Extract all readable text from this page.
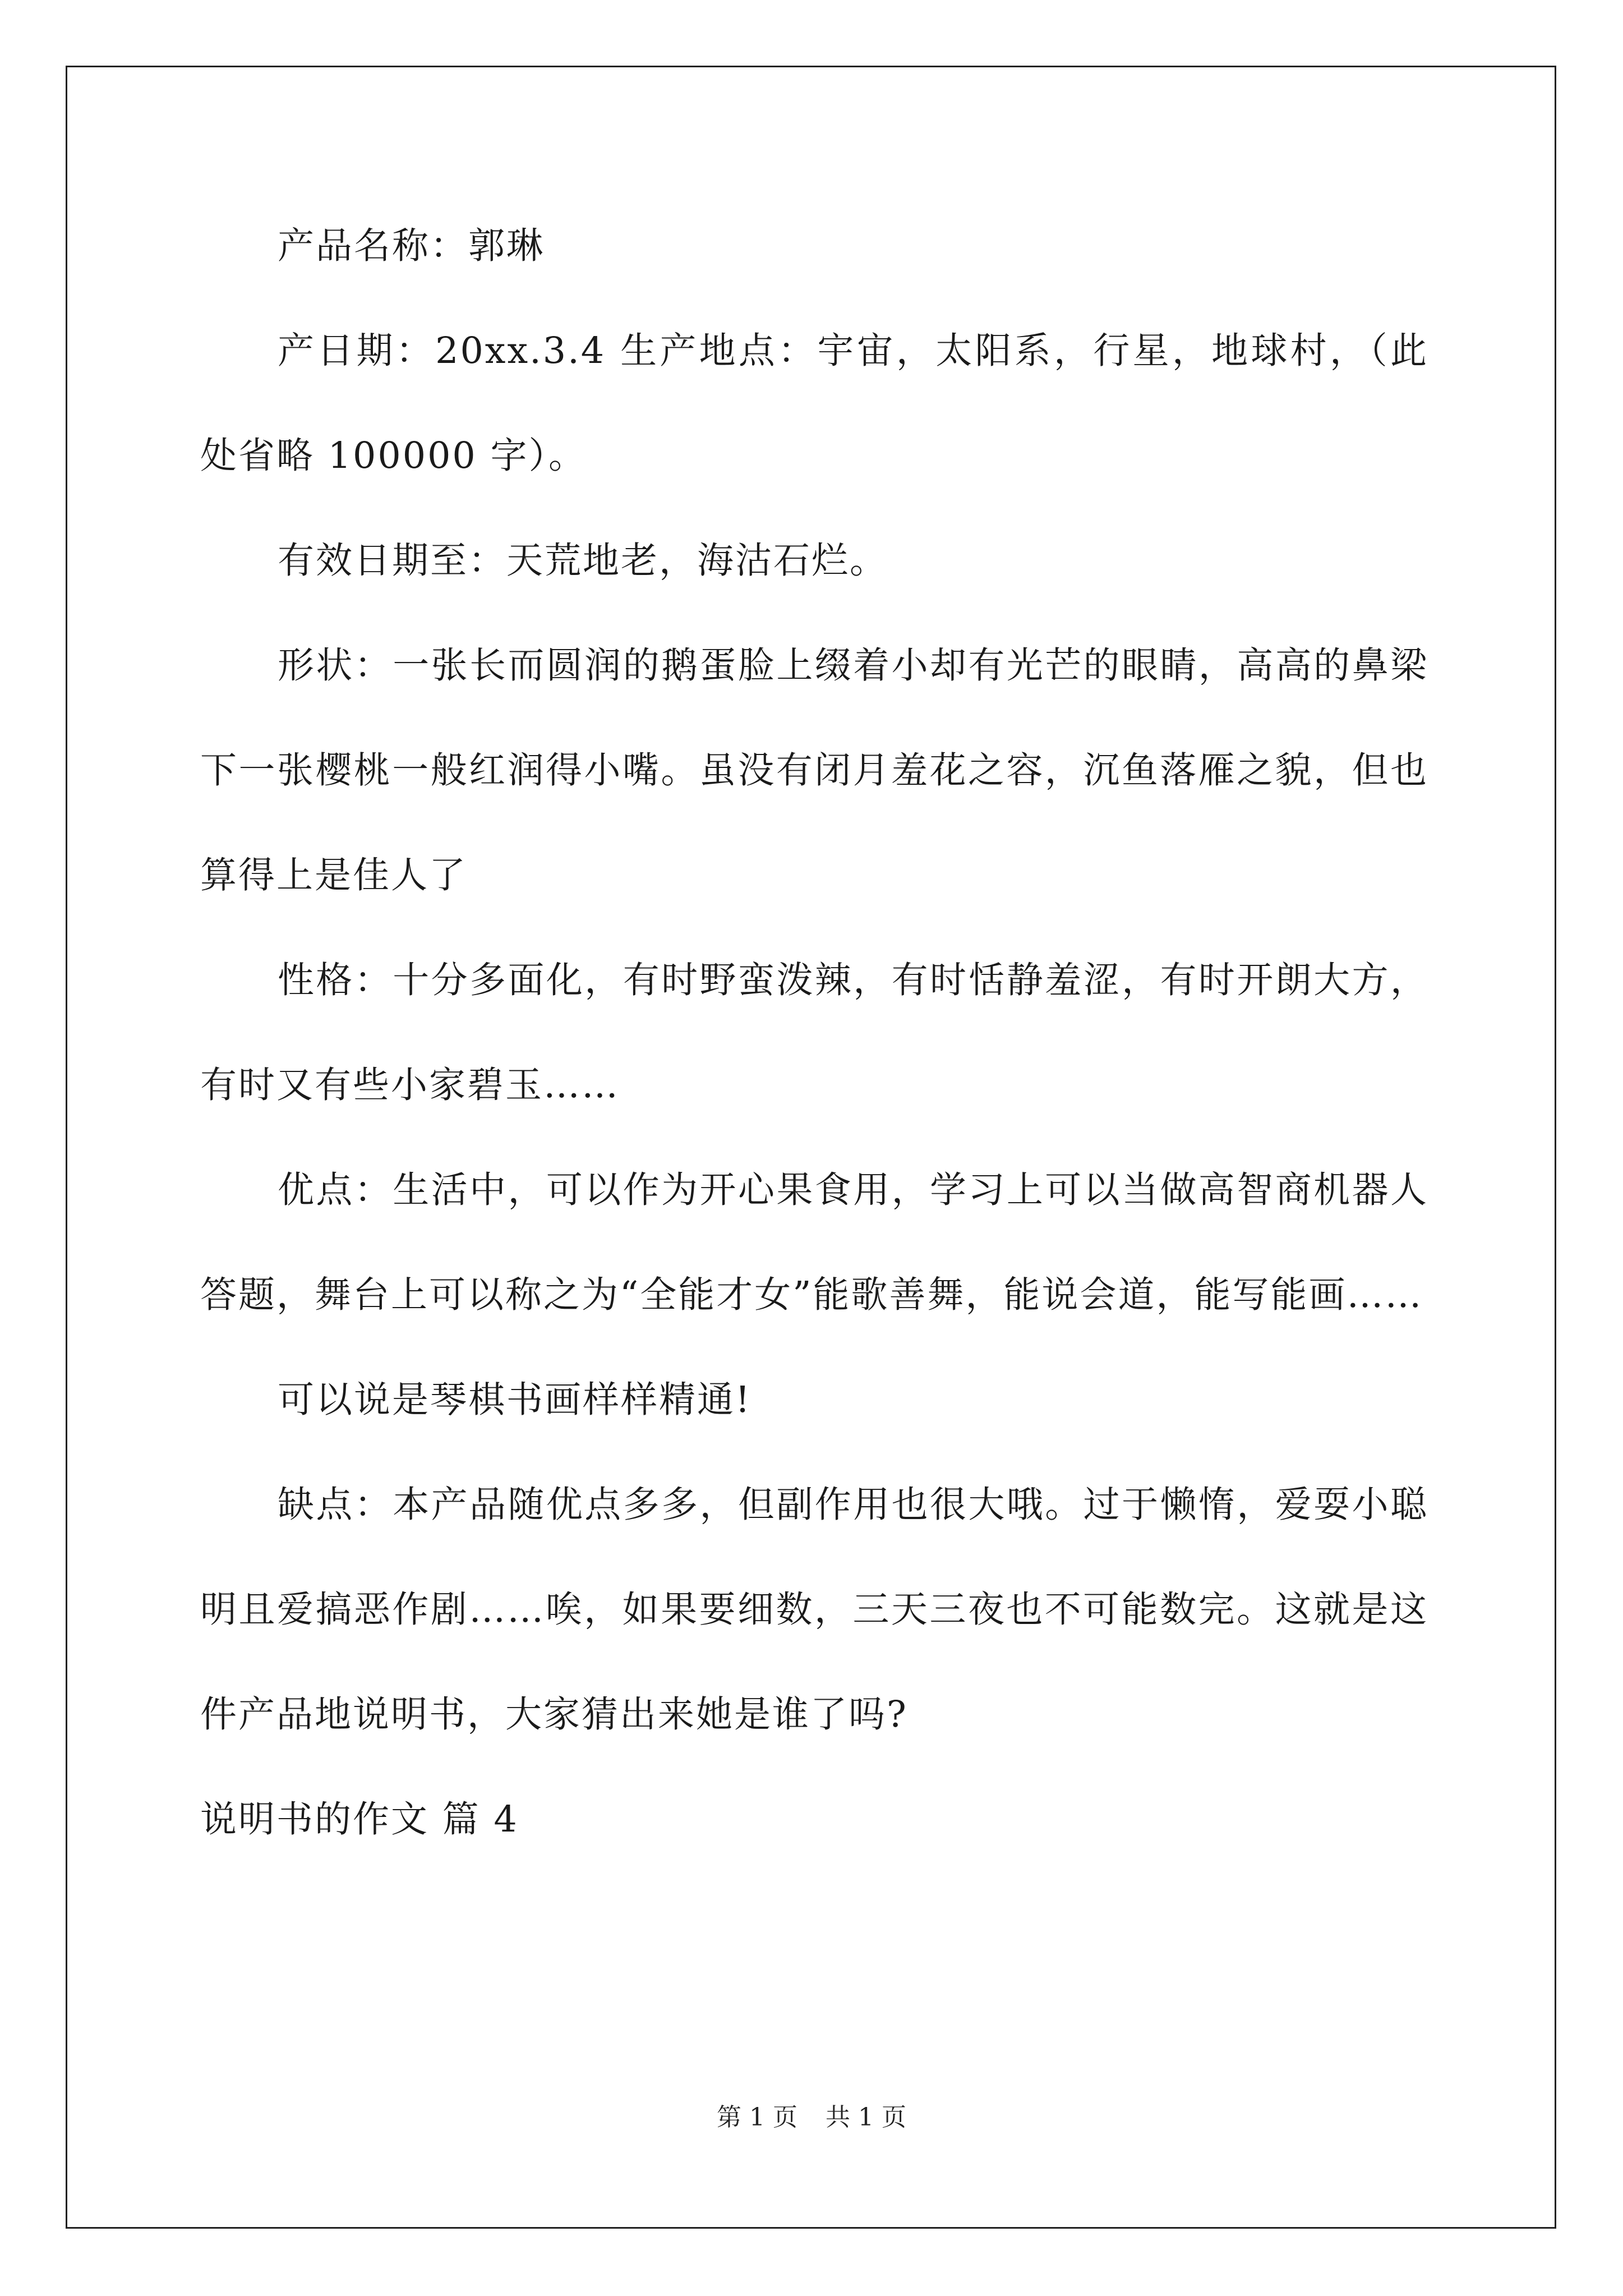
产品名称：郭琳

产日期：20xx.3.4 生产地点：宇宙，太阳系，行星，地球村，（此处省略 100000 字）。

有效日期至：天荒地老，海沽石烂。

形状：一张长而圆润的鹅蛋脸上缀着小却有光芒的眼睛，高高的鼻梁下一张樱桃一般红润得小嘴。虽没有闭月羞花之容，沉鱼落雁之貌，但也算得上是佳人了

性格：十分多面化，有时野蛮泼辣，有时恬静羞涩，有时开朗大方，有时又有些小家碧玉……

优点：生活中，可以作为开心果食用，学习上可以当做高智商机器人答题，舞台上可以称之为“全能才女”能歌善舞，能说会道，能写能画……

可以说是琴棋书画样样精通!

缺点：本产品随优点多多，但副作用也很大哦。过于懒惰，爱耍小聪明且爱搞恶作剧……唉，如果要细数，三天三夜也不可能数完。这就是这件产品地说明书，大家猜出来她是谁了吗?

说明书的作文 篇 4

第 1 页 共 1 页
